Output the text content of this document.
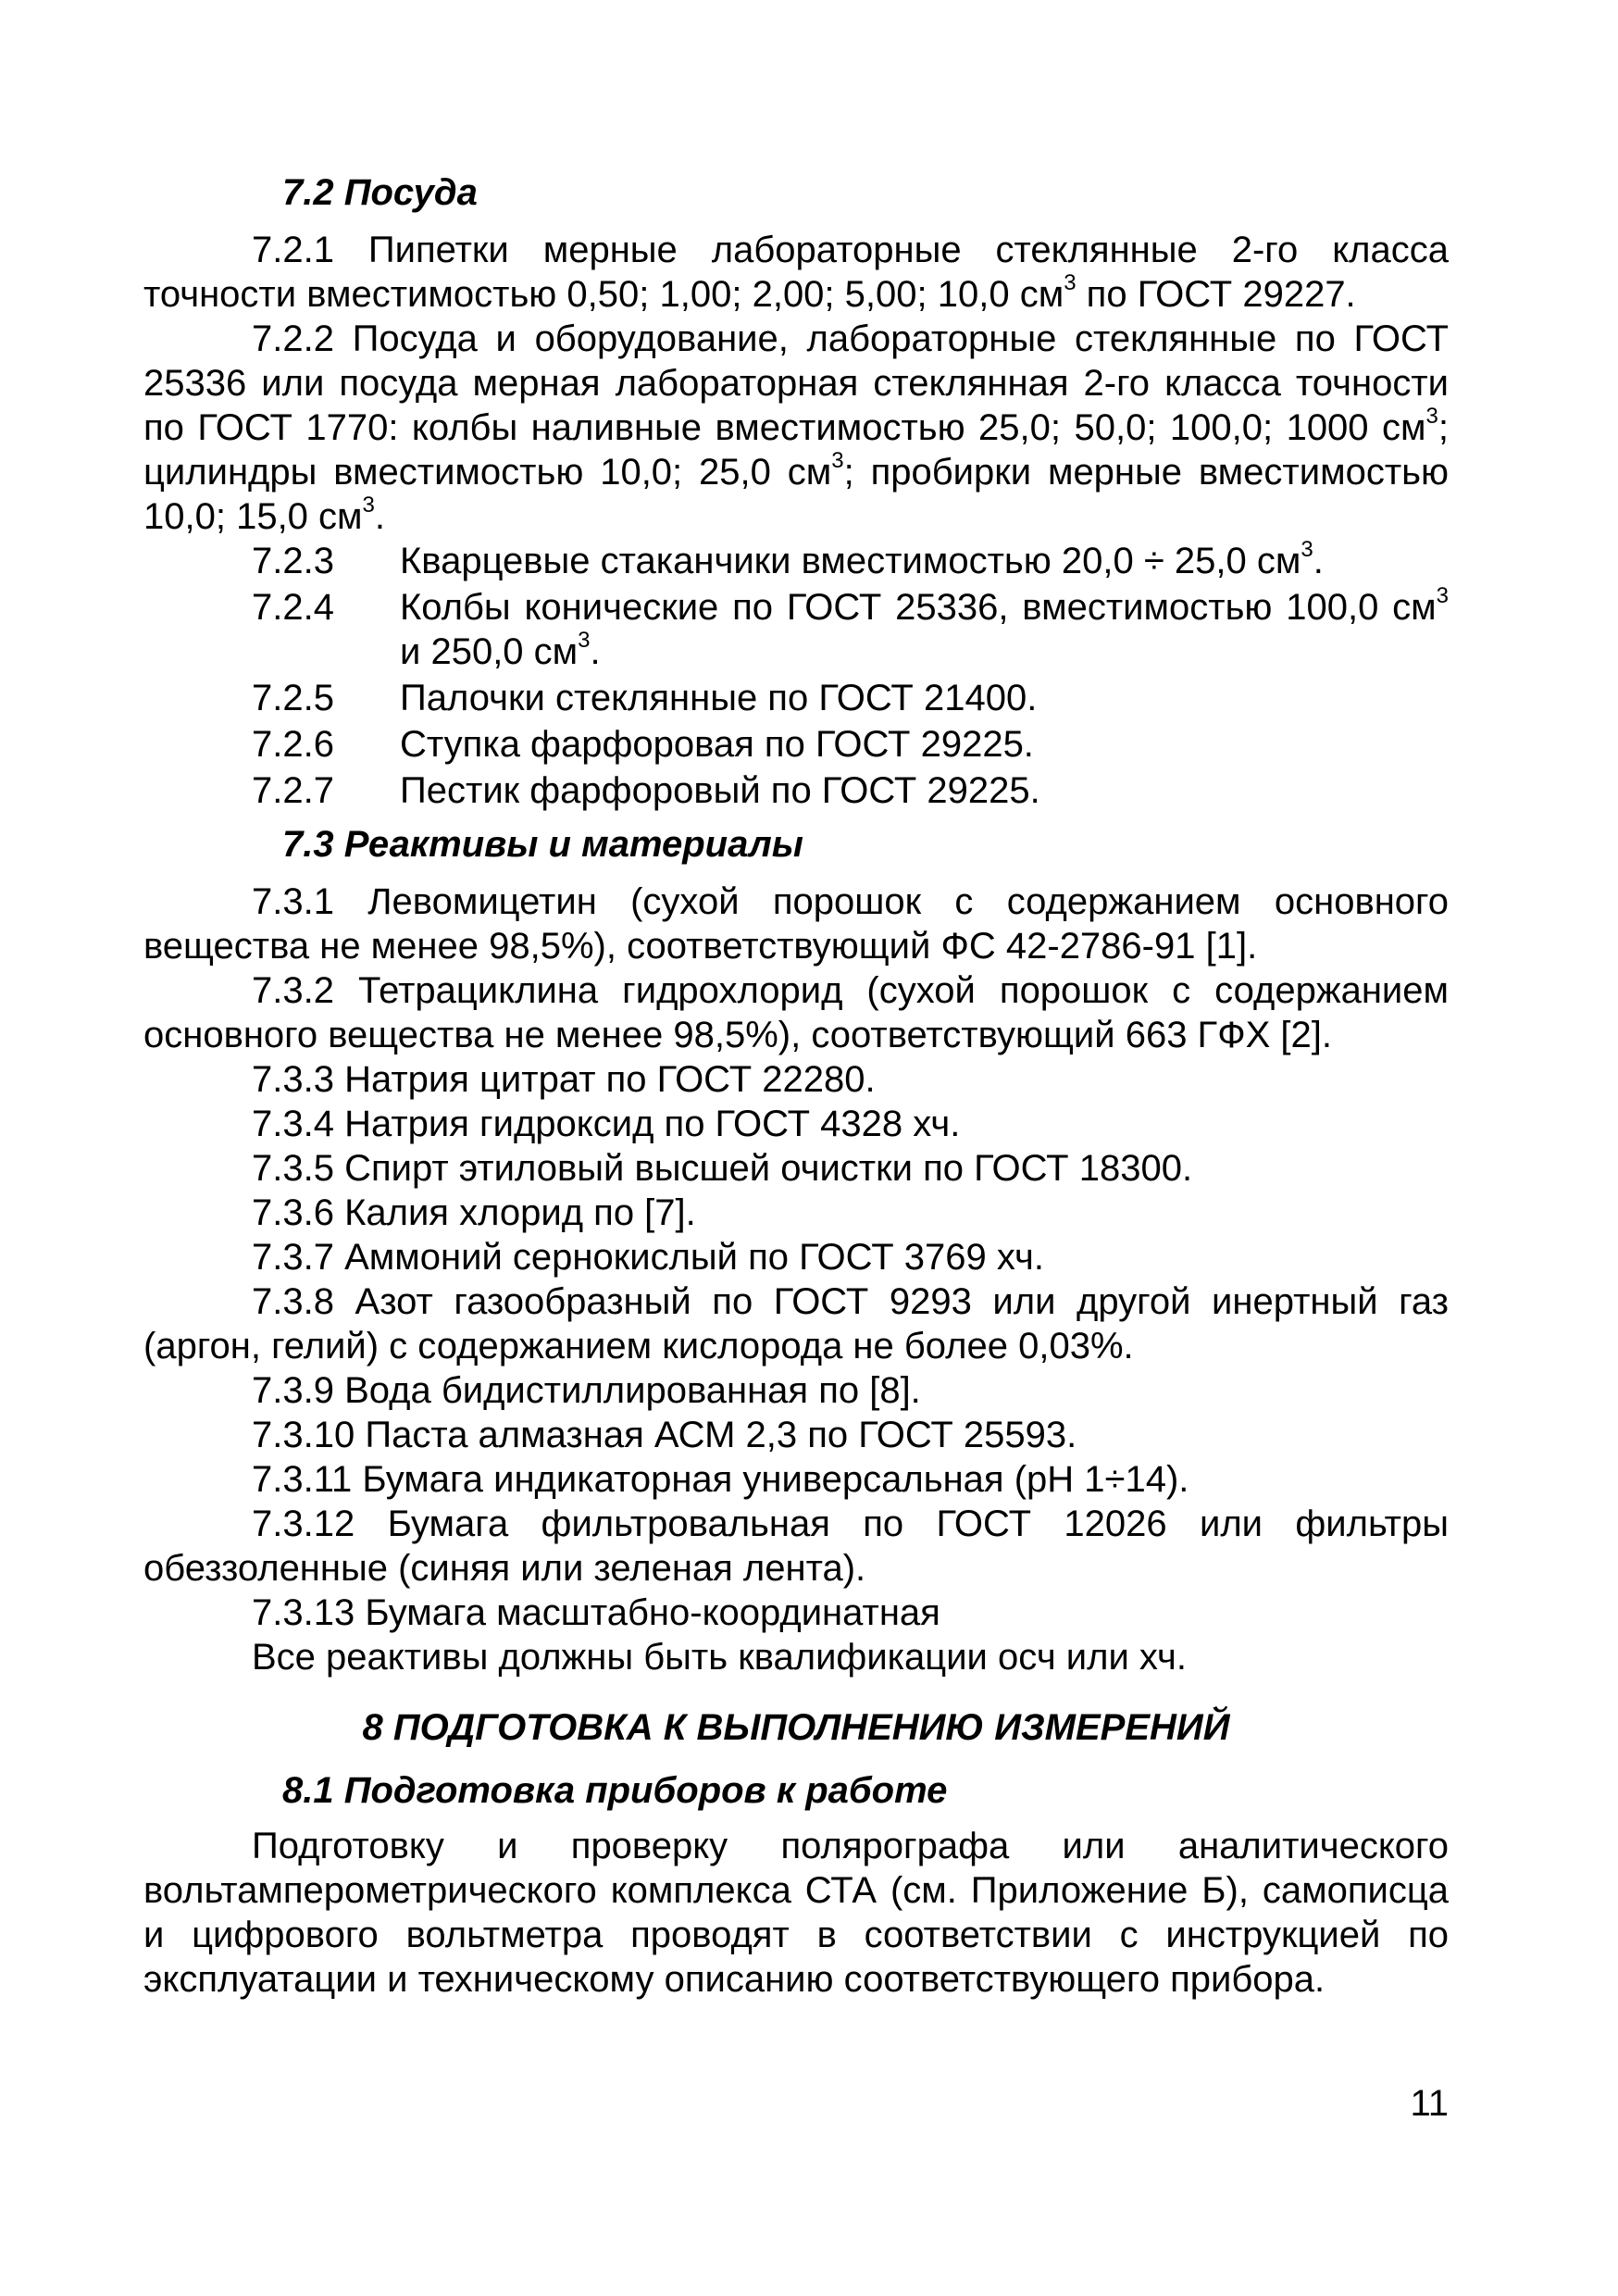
7.2 Посуда

7.2.1 Пипетки мерные лабораторные стеклянные 2-го класса точности вместимостью 0,50; 1,00; 2,00; 5,00; 10,0 $см^3$ по ГОСТ 29227.

7.2.2 Посуда и оборудование, лабораторные стеклянные по ГОСТ 25336 или посуда мерная лабораторная стеклянная 2-го класса точности по ГОСТ 1770: колбы наливные вместимостью 25,0; 50,0; 100,0; 1000 $см^3$; цилиндры вместимостью 10,0; 25,0 $см^3$; пробирки мерные вместимостью 10,0; 15,0 $см^3$.

7.2.3	Кварцевые стаканчики вместимостью 20,0 ÷ 25,0 $см^3$.
7.2.4	Колбы конические по ГОСТ 25336, вместимостью 100,0 $см^3$ и 250,0 $см^3$.
7.2.5	Палочки стеклянные по ГОСТ 21400.
7.2.6	Ступка фарфоровая по ГОСТ 29225.
7.2.7	Пестик фарфоровый по ГОСТ 29225.
7.3 Реактивы и материалы

7.3.1 Левомицетин (сухой порошок с содержанием основного вещества не менее 98,5%), соответствующий ФС 42-2786-91 [1].

7.3.2 Тетрациклина гидрохлорид (сухой порошок с содержанием основного вещества не менее 98,5%), соответствующий 663 ГФХ [2].

7.3.3 Натрия цитрат по ГОСТ 22280.

7.3.4 Натрия гидроксид по ГОСТ 4328 хч.

7.3.5 Спирт этиловый высшей очистки по ГОСТ 18300.

7.3.6 Калия хлорид по [7].

7.3.7 Аммоний сернокислый по ГОСТ 3769 хч.

7.3.8 Азот газообразный по ГОСТ 9293 или другой инертный газ (аргон, гелий) с содержанием кислорода не более 0,03%.

7.3.9 Вода бидистиллированная по [8].

7.3.10 Паста алмазная АСМ 2,3 по ГОСТ 25593.

7.3.11 Бумага индикаторная универсальная (pH 1÷14).

7.3.12 Бумага фильтровальная по ГОСТ 12026 или фильтры обеззоленные (синяя или зеленая лента).

7.3.13 Бумага масштабно-координатная

Все реактивы должны быть квалификации осч или хч.

8 ПОДГОТОВКА К ВЫПОЛНЕНИЮ ИЗМЕРЕНИЙ
8.1 Подготовка приборов к работе

Подготовку и проверку полярографа или аналитического вольтамперометрического комплекса СТА (см. Приложение Б), самописца и цифрового вольтметра проводят в соответствии с инструкцией по эксплуатации и техническому описанию соответствующего прибора.

11
